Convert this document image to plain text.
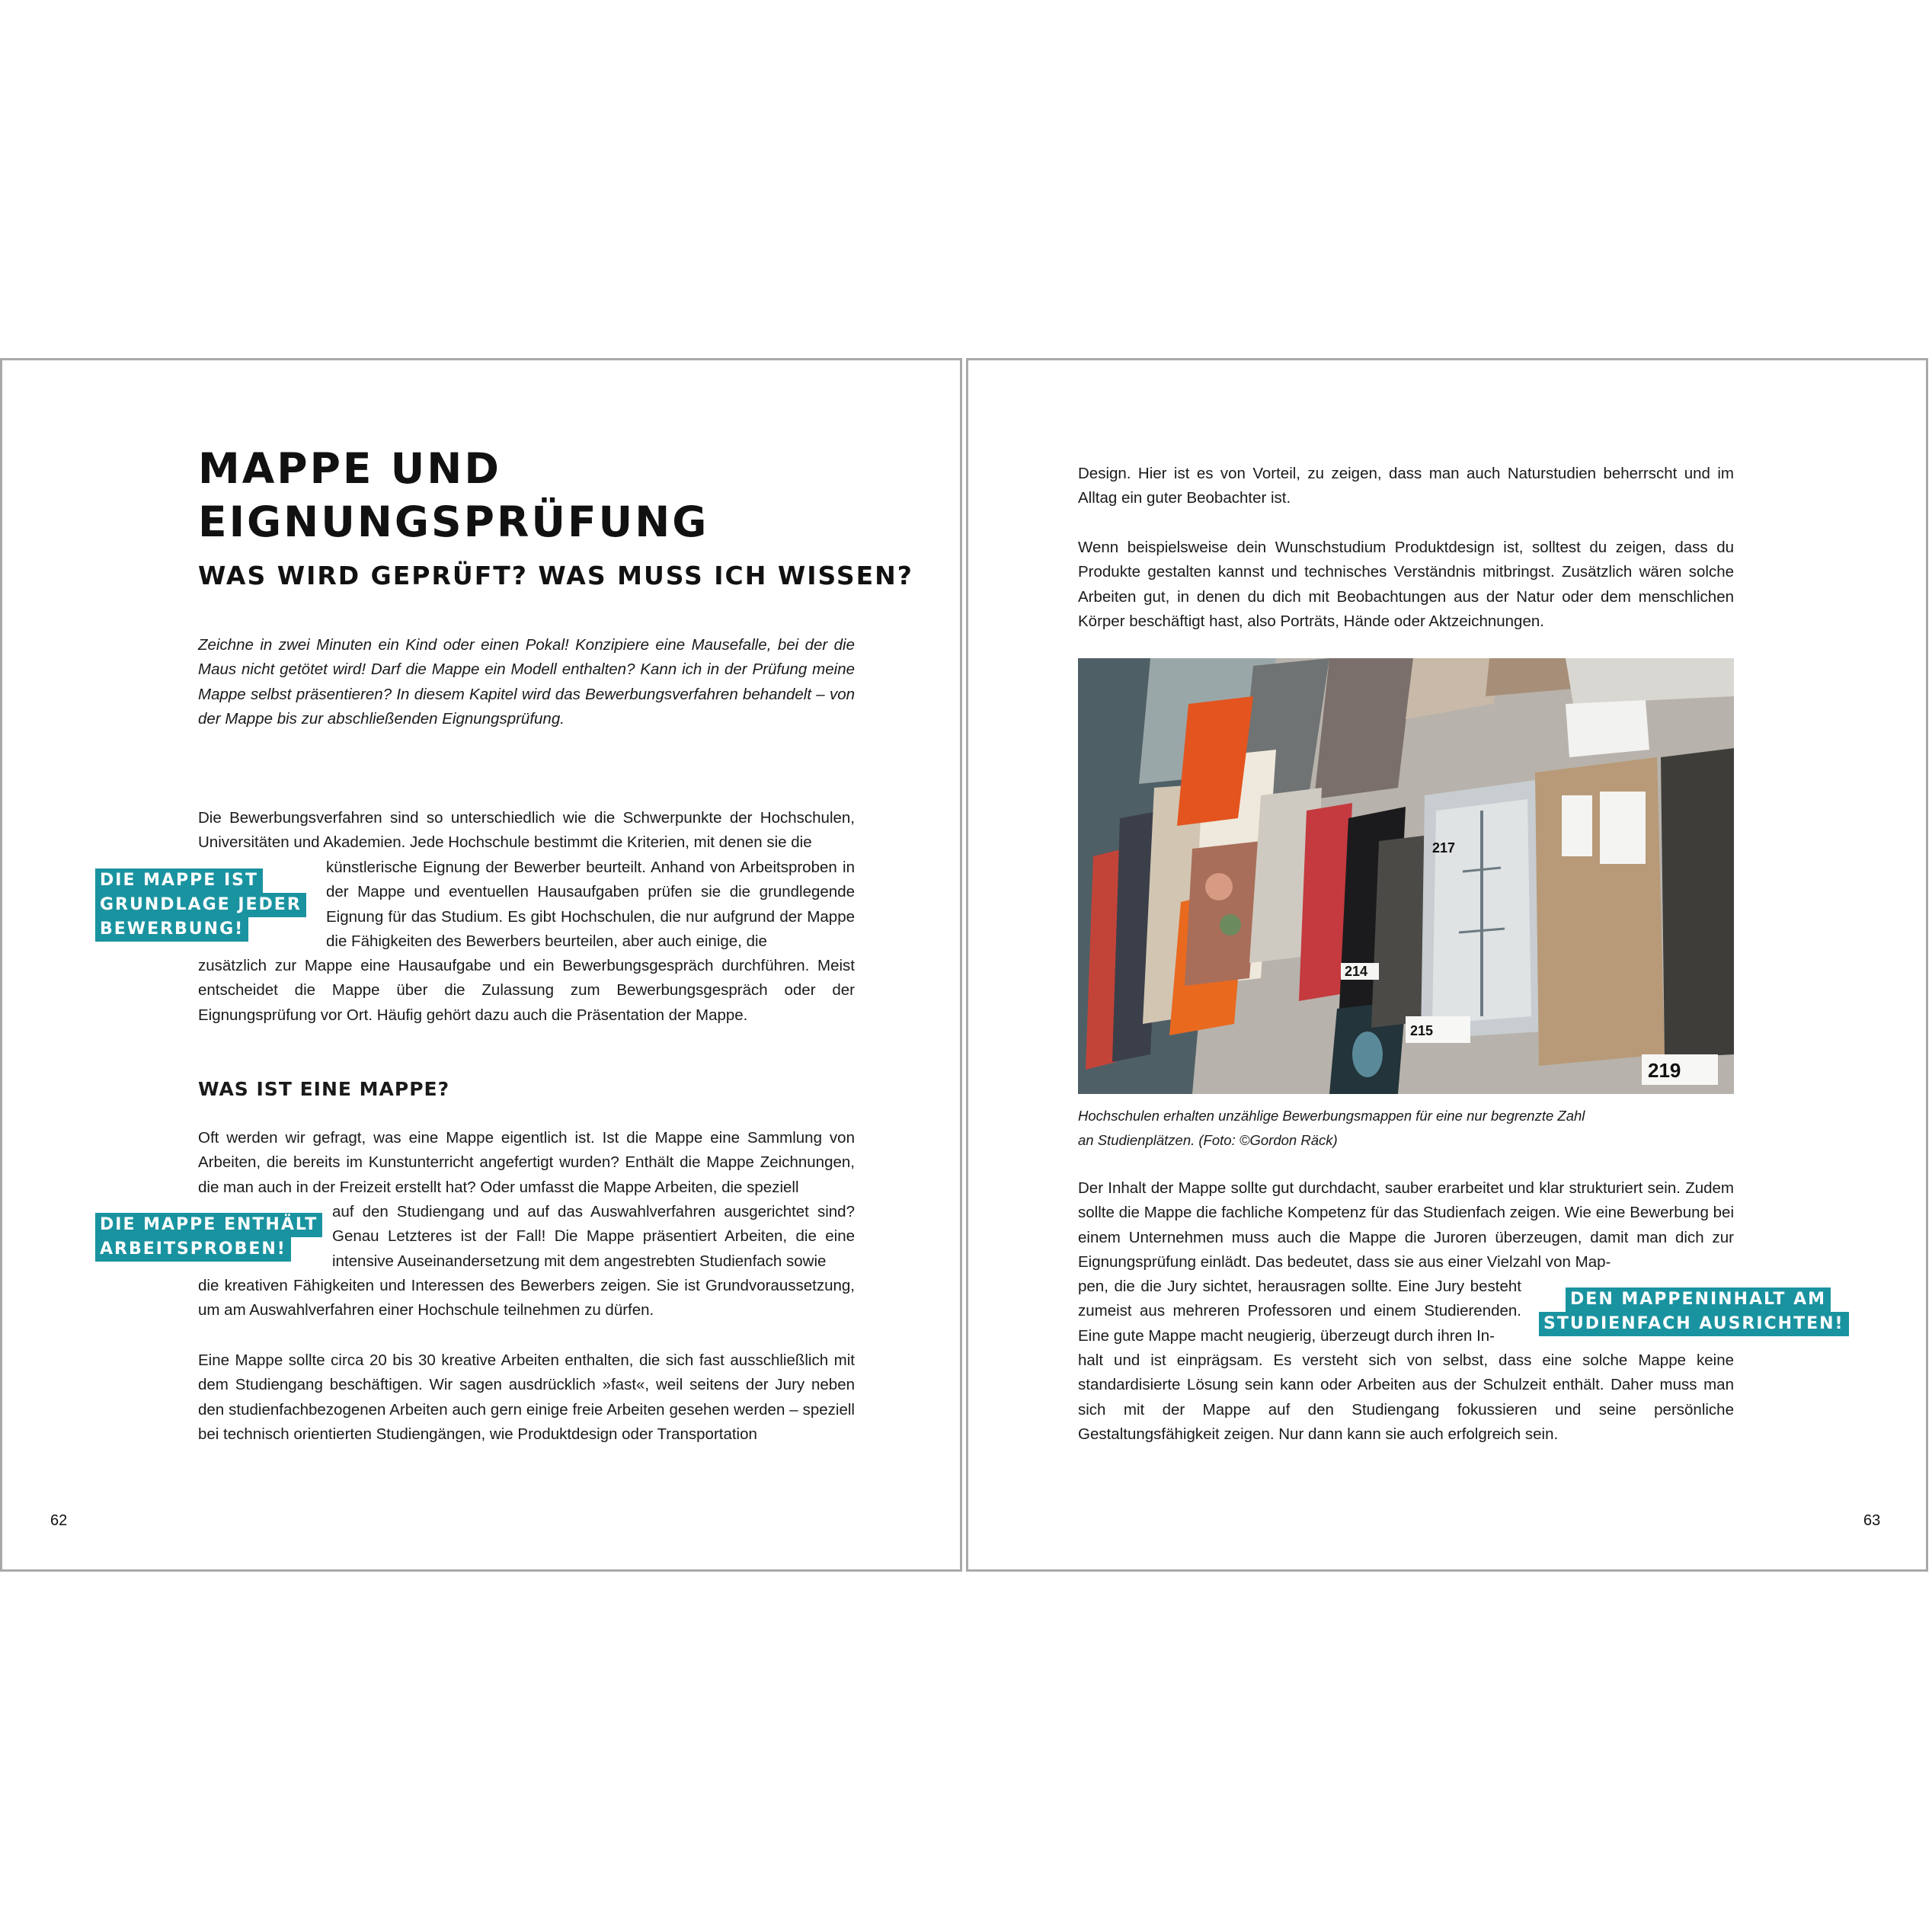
MAPPE UND
EIGNUNGSPRÜFUNG
WAS WIRD GEPRÜFT? WAS MUSS ICH WISSEN?

Zeichne in zwei Minuten ein Kind oder einen Pokal! Konzipiere eine Mausefalle, bei der die Maus nicht getötet wird! Darf die Mappe ein Modell enthalten? Kann ich in der Prüfung meine Mappe selbst präsentieren? In diesem Kapitel wird das Bewerbungsverfahren behandelt – von der Mappe bis zur abschließenden Eignungsprüfung.

Die Bewerbungsverfahren sind so unterschiedlich wie die Schwerpunkte der Hochschulen, Universitäten und Akademien. Jede Hochschule bestimmt die Kriterien, mit denen sie die

künstlerische Eignung der Bewerber beurteilt. Anhand von Arbeitsproben in der Mappe und eventuellen Hausaufgaben prüfen sie die grundlegende Eignung für das Studium. Es gibt Hochschulen, die nur aufgrund der Mappe die Fähigkeiten des Bewerbers beurteilen, aber auch einige, die

zusätzlich zur Mappe eine Hausaufgabe und ein Bewerbungsgespräch durchführen. Meist entscheidet die Mappe über die Zulassung zum Bewerbungsgespräch oder der Eignungsprüfung vor Ort. Häufig gehört dazu auch die Präsentation der Mappe.

DIE MAPPE IST
GRUNDLAGE JEDER
BEWERBUNG!
WAS IST EINE MAPPE?

Oft werden wir gefragt, was eine Mappe eigentlich ist. Ist die Mappe eine Sammlung von Arbeiten, die bereits im Kunstunterricht angefertigt wurden? Enthält die Mappe Zeichnungen, die man auch in der Freizeit erstellt hat? Oder umfasst die Mappe Arbeiten, die speziell

auf den Studiengang und auf das Auswahlverfahren ausgerichtet sind? Genau Letzteres ist der Fall! Die Mappe präsentiert Arbeiten, die eine intensive Auseinandersetzung mit dem angestrebten Studienfach sowie

die kreativen Fähigkeiten und Interessen des Bewerbers zeigen. Sie ist Grundvoraussetzung, um am Auswahlverfahren einer Hochschule teilnehmen zu dürfen.

DIE MAPPE ENTHÄLT
ARBEITSPROBEN!

Eine Mappe sollte circa 20 bis 30 kreative Arbeiten enthalten, die sich fast ausschließlich mit dem Studiengang beschäftigen. Wir sagen ausdrücklich »fast«, weil seitens der Jury neben den studienfachbezogenen Arbeiten auch gern einige freie Arbeiten gesehen werden – speziell bei technisch orientierten Studiengängen, wie Produktdesign oder Transportation

62

Design. Hier ist es von Vorteil, zu zeigen, dass man auch Naturstudien beherrscht und im Alltag ein guter Beobachter ist.

Wenn beispielsweise dein Wunschstudium Produktdesign ist, solltest du zeigen, dass du Produkte gestalten kannst und technisches Verständnis mitbringst. Zusätzlich wären solche Arbeiten gut, in denen du dich mit Beobachtungen aus der Natur oder dem menschlichen Körper beschäftigt hast, also Porträts, Hände oder Aktzeichnungen.

214
215
217
219

Hochschulen erhalten unzählige Bewerbungsmappen für eine nur begrenzte Zahl
an Studienplätzen. (Foto: ©Gordon Räck)

Der Inhalt der Mappe sollte gut durchdacht, sauber erarbeitet und klar strukturiert sein. Zudem sollte die Mappe die fachliche Kompetenz für das Studienfach zeigen. Wie eine Bewerbung bei einem Unternehmen muss auch die Mappe die Juroren überzeugen, damit man dich zur Eignungsprüfung einlädt. Das bedeutet, dass sie aus einer Vielzahl von Map-

pen, die die Jury sichtet, herausragen sollte. Eine Jury besteht zumeist aus mehreren Professoren und einem Studierenden. Eine gute Mappe macht neugierig, überzeugt durch ihren In-

halt und ist einprägsam. Es versteht sich von selbst, dass eine solche Mappe keine standardisierte Lösung sein kann oder Arbeiten aus der Schulzeit enthält. Daher muss man sich mit der Mappe auf den Studiengang fokussieren und seine persönliche Gestaltungsfähigkeit zeigen. Nur dann kann sie auch erfolgreich sein.

DEN MAPPENINHALT AM
STUDIENFACH AUSRICHTEN!
63
